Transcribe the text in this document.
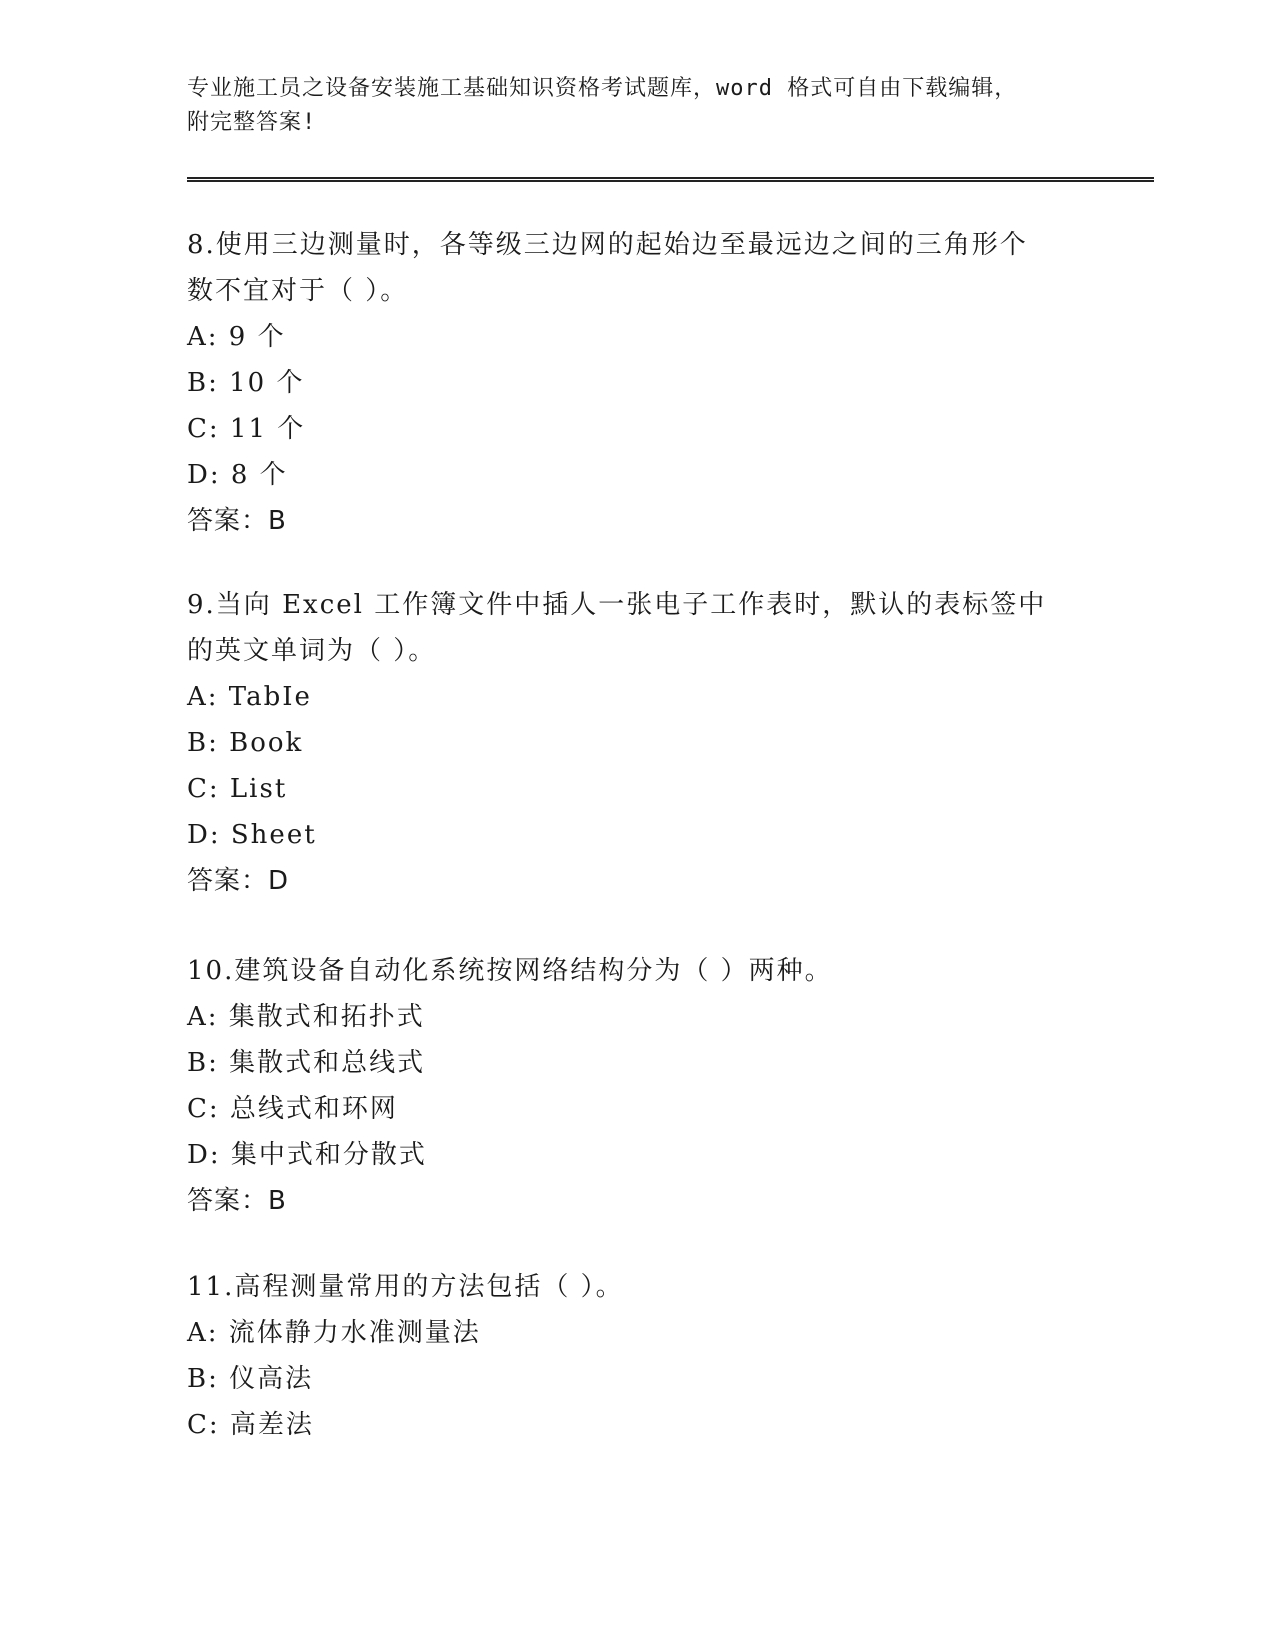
专业施工员之设备安装施工基础知识资格考试题库，word 格式可自由下载编辑，
附完整答案!
8.使用三边测量时，各等级三边网的起始边至最远边之间的三角形个
数不宜对于（ ）。
A: 9 个
B: 10 个
C: 11 个
D: 8 个
答案：B
9.当向 Excel 工作簿文件中插人一张电子工作表时，默认的表标签中
的英文单词为（ ）。
A: TabIe
B: Book
C: List
D: Sheet
答案：D
10.建筑设备自动化系统按网络结构分为（ ）两种。
A: 集散式和拓扑式
B: 集散式和总线式
C: 总线式和环网
D: 集中式和分散式
答案：B
11.高程测量常用的方法包括（ ）。
A: 流体静力水准测量法
B: 仪高法
C: 高差法
